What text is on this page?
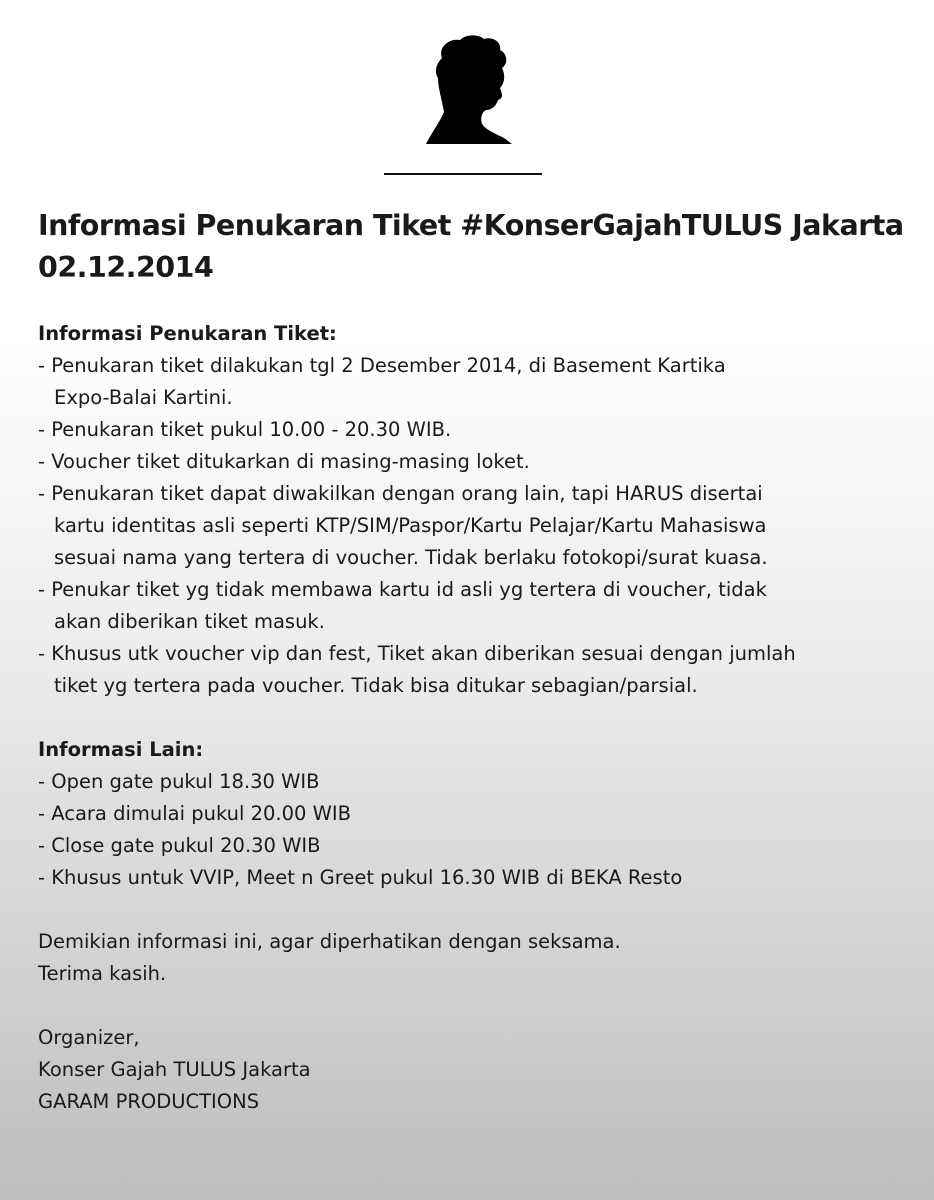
Informasi Penukaran Tiket #KonserGajahTULUS Jakarta
02.12.2014

Informasi Penukaran Tiket:

- Penukaran tiket dilakukan tgl 2 Desember 2014, di Basement Kartika

Expo-Balai Kartini.

- Penukaran tiket pukul 10.00 - 20.30 WIB.

- Voucher tiket ditukarkan di masing-masing loket.

- Penukaran tiket dapat diwakilkan dengan orang lain, tapi HARUS disertai

kartu identitas asli seperti KTP/SIM/Paspor/Kartu Pelajar/Kartu Mahasiswa

sesuai nama yang tertera di voucher. Tidak berlaku fotokopi/surat kuasa.

- Penukar tiket yg tidak membawa kartu id asli yg tertera di voucher, tidak

akan diberikan tiket masuk.

- Khusus utk voucher vip dan fest, Tiket akan diberikan sesuai dengan jumlah

tiket yg tertera pada voucher. Tidak bisa ditukar sebagian/parsial.

Informasi Lain:

- Open gate pukul 18.30 WIB

- Acara dimulai pukul 20.00 WIB

- Close gate pukul 20.30 WIB

- Khusus untuk VVIP, Meet n Greet pukul 16.30 WIB di BEKA Resto

Demikian informasi ini, agar diperhatikan dengan seksama.

Terima kasih.

Organizer,

Konser Gajah TULUS Jakarta

GARAM PRODUCTIONS
